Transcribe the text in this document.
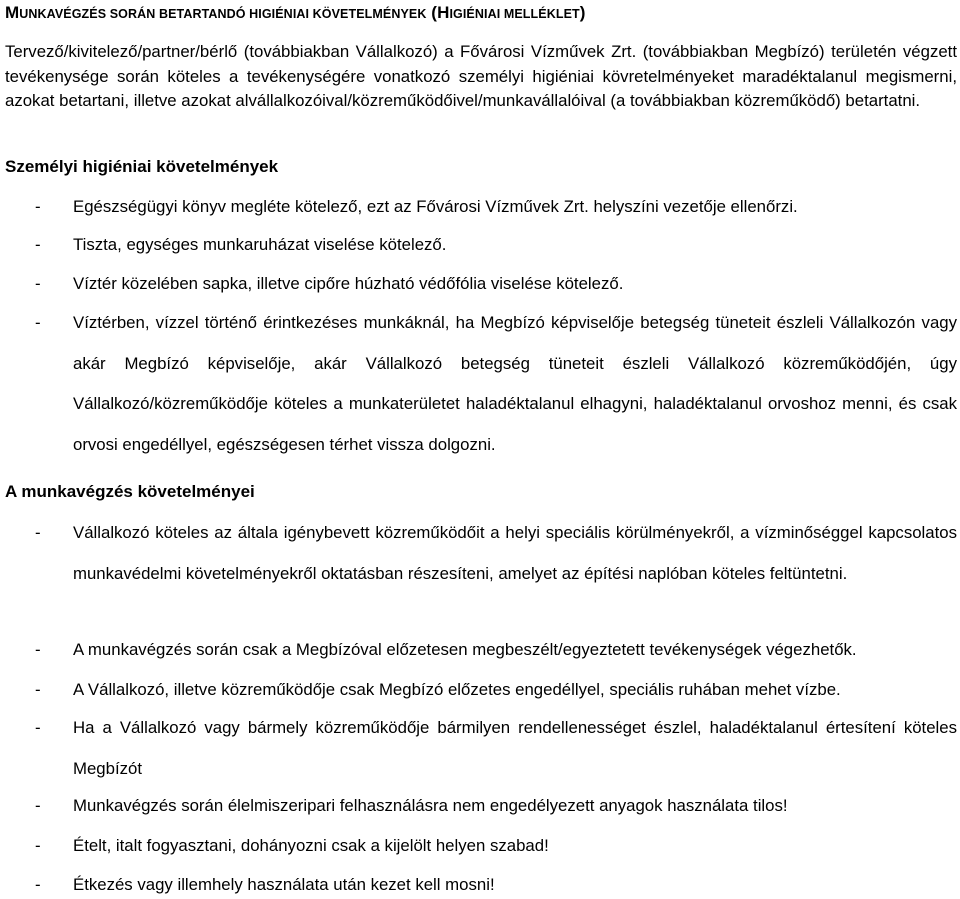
MUNKAVÉGZÉS SORÁN BETARTANDÓ HIGIÉNIAI KÖVETELMÉNYEK (HIGIÉNIAI MELLÉKLET)
Tervező/kivitelező/partner/bérlő (továbbiakban Vállalkozó) a Fővárosi Vízművek Zrt. (továbbiakban Megbízó) területén végzett tevékenysége során köteles a tevékenységére vonatkozó személyi higiéniai kövretelményeket maradéktalanul megismerni, azokat betartani, illetve azokat alvállalkozóival/közreműködőivel/munkavállalóival (a továbbiakban közreműködő) betartatni.
Személyi higiéniai követelmények
- Egészségügyi könyv megléte kötelező, ezt az Fővárosi Vízművek Zrt. helyszíni vezetője ellenőrzi.
- Tiszta, egységes munkaruházat viselése kötelező.
- Víztér közelében sapka, illetve cipőre húzható védőfólia viselése kötelező.
- Víztérben, vízzel történő érintkezéses munkáknál, ha Megbízó képviselője betegség tüneteit észleli Vállalkozón vagy akár Megbízó képviselője, akár Vállalkozó betegség tüneteit észleli Vállalkozó közreműködőjén, úgy Vállalkozó/közreműködője köteles a munkaterületet haladéktalanul elhagyni, haladéktalanul orvoshoz menni, és csak orvosi engedéllyel, egészségesen térhet vissza dolgozni.
A munkavégzés követelményei
- Vállalkozó köteles az általa igénybevett közreműködőit a helyi speciális körülményekről, a vízminőséggel kapcsolatos munkavédelmi követelményekről oktatásban részesíteni, amelyet az építési naplóban köteles feltüntetni.
- A munkavégzés során csak a Megbízóval előzetesen megbeszélt/egyeztetett tevékenységek végezhetők.
- A Vállalkozó, illetve közreműködője csak Megbízó előzetes engedéllyel, speciális ruhában mehet vízbe.
- Ha a Vállalkozó vagy bármely közreműködője bármilyen rendellenességet észlel, haladéktalanul értesítení köteles Megbízót
- Munkavégzés során élelmiszeripari felhasználásra nem engedélyezett anyagok használata tilos!
- Ételt, italt fogyasztani, dohányozni csak a kijelölt helyen szabad!
- Étkezés vagy illemhely használata után kezet kell mosni!
